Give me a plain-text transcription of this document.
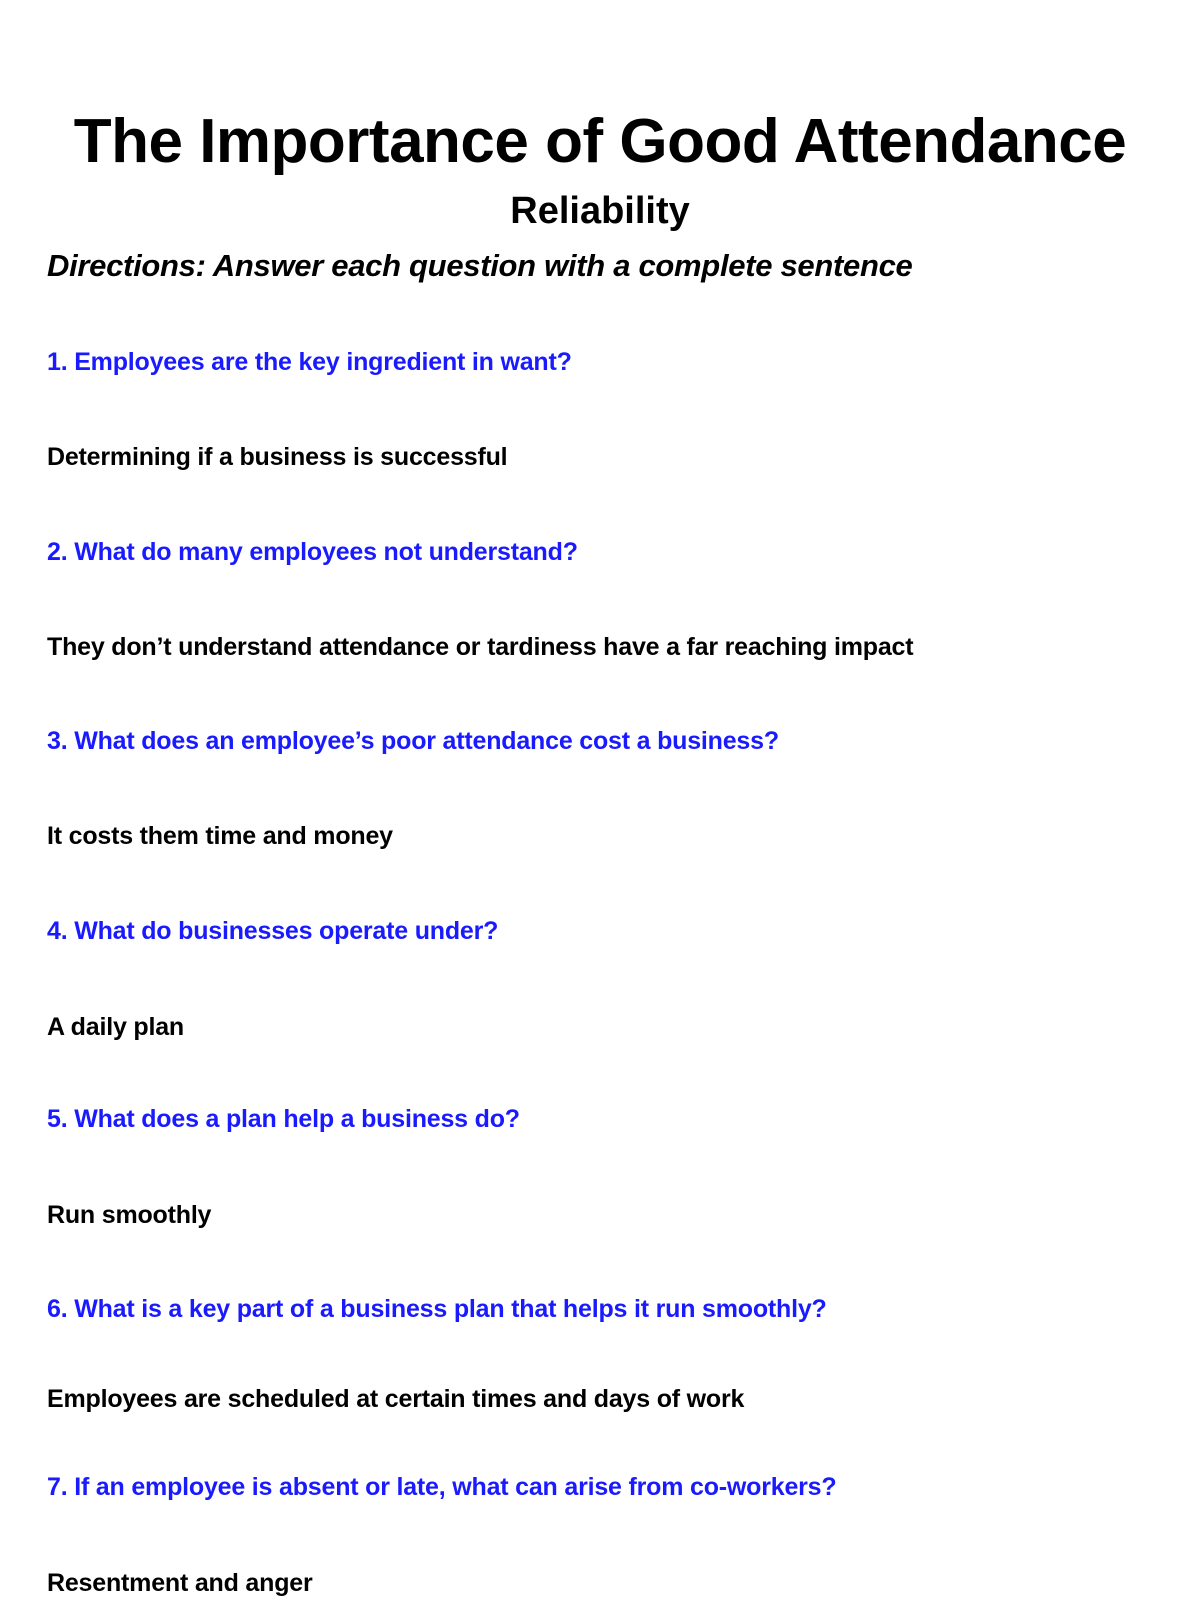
The Importance of Good Attendance
Reliability
Directions: Answer each question with a complete sentence
1. Employees are the key ingredient in want?
Determining if a business is successful
2. What do many employees not understand?
They don’t understand attendance or tardiness have a far reaching impact
3. What does an employee’s poor attendance cost a business?
It costs them time and money
4. What do businesses operate under?
A daily plan
5. What does a plan help a business do?
Run smoothly
6. What is a key part of a business plan that helps it run smoothly?
Employees are scheduled at certain times and days of work
7. If an employee is absent or late, what can arise from co-workers?
Resentment and anger
